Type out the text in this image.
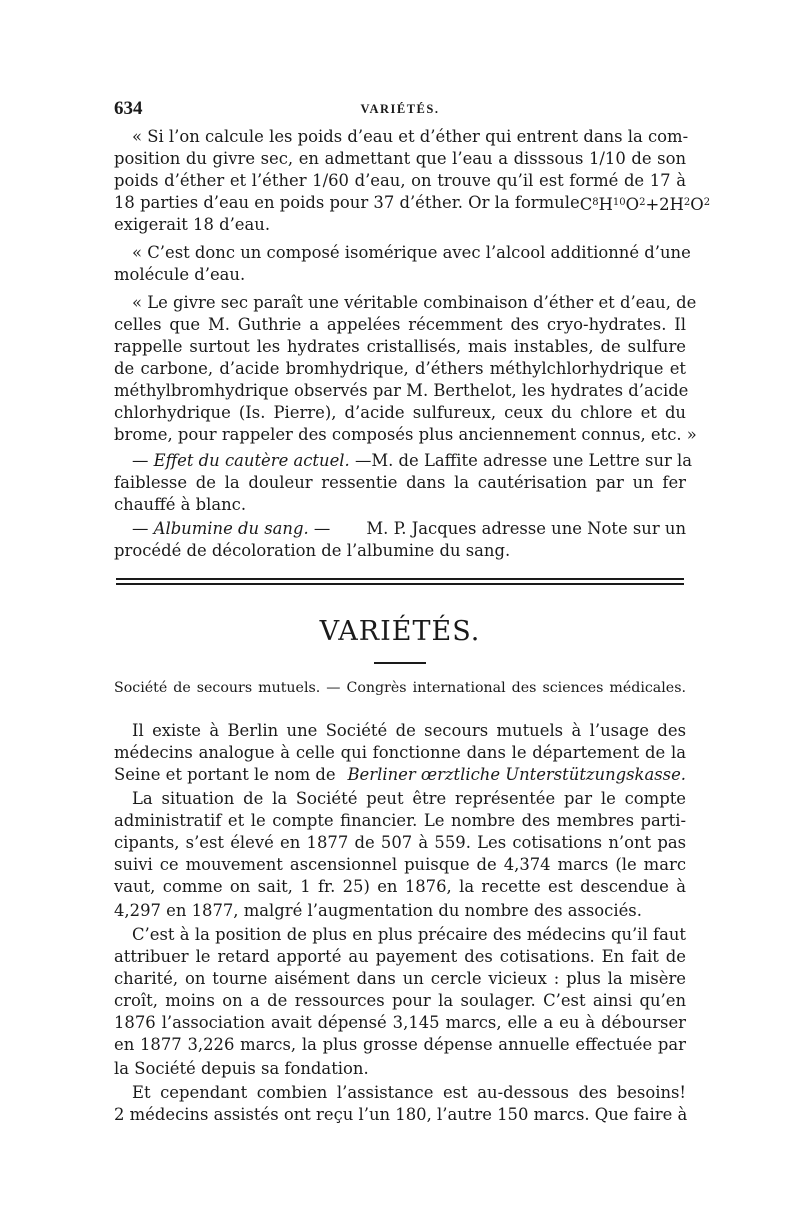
634	VARIÉTÉS.
« Si l’on calcule les poids d’eau et d’éther qui entrent dans la com-
position du givre sec, en admettant que l’eau a disssous 1/10 de son
poids d’éther et l’éther 1/60 d’eau, on trouve qu’il est formé de 17 à
18 parties d’eau en poids pour 37 d’éther. Or la formule C8H10O2+2H2O2
exigerait 18 d’eau.
« C’est donc un composé isomérique avec l’alcool additionné d’une
molécule d’eau.
« Le givre sec paraît une véritable combinaison d’éther et d’eau, de
celles que M. Guthrie a appelées récemment des cryo-hydrates. Il
rappelle surtout les hydrates cristallisés, mais instables, de sulfure
de carbone, d’acide bromhydrique, d’éthers méthylchlorhydrique et
méthylbromhydrique observés par M. Berthelot, les hydrates d’acide
chlorhydrique (Is. Pierre), d’acide sulfureux, ceux du chlore et du
brome, pour rappeler des composés plus anciennement connus, etc. »
— Effet du cautère actuel. — M. de Laffite adresse une Lettre sur la
faiblesse de la douleur ressentie dans la cautérisation par un fer
chauffé à blanc.
— Albumine du sang. — M. P. Jacques adresse une Note sur un
procédé de décoloration de l’albumine du sang.
VARIÉTÉS.
Société de secours mutuels. — Congrès international des sciences médicales.
Il existe à Berlin une Société de secours mutuels à l’usage des
médecins analogue à celle qui fonctionne dans le département de la
Seine et portant le nom de Berliner œrztliche Unterstützungskasse.
La situation de la Société peut être représentée par le compte
administratif et le compte financier. Le nombre des membres parti-
cipants, s’est élevé en 1877 de 507 à 559. Les cotisations n’ont pas
suivi ce mouvement ascensionnel puisque de 4,374 marcs (le marc
vaut, comme on sait, 1 fr. 25) en 1876, la recette est descendue à
4,297 en 1877, malgré l’augmentation du nombre des associés.
C’est à la position de plus en plus précaire des médecins qu’il faut
attribuer le retard apporté au payement des cotisations. En fait de
charité, on tourne aisément dans un cercle vicieux : plus la misère
croît, moins on a de ressources pour la soulager. C’est ainsi qu’en
1876 l’association avait dépensé 3,145 marcs, elle a eu à débourser
en 1877 3,226 marcs, la plus grosse dépense annuelle effectuée par
la Société depuis sa fondation.
Et cependant combien l’assistance est au-dessous des besoins!
2 médecins assistés ont reçu l’un 180, l’autre 150 marcs. Que faire à
